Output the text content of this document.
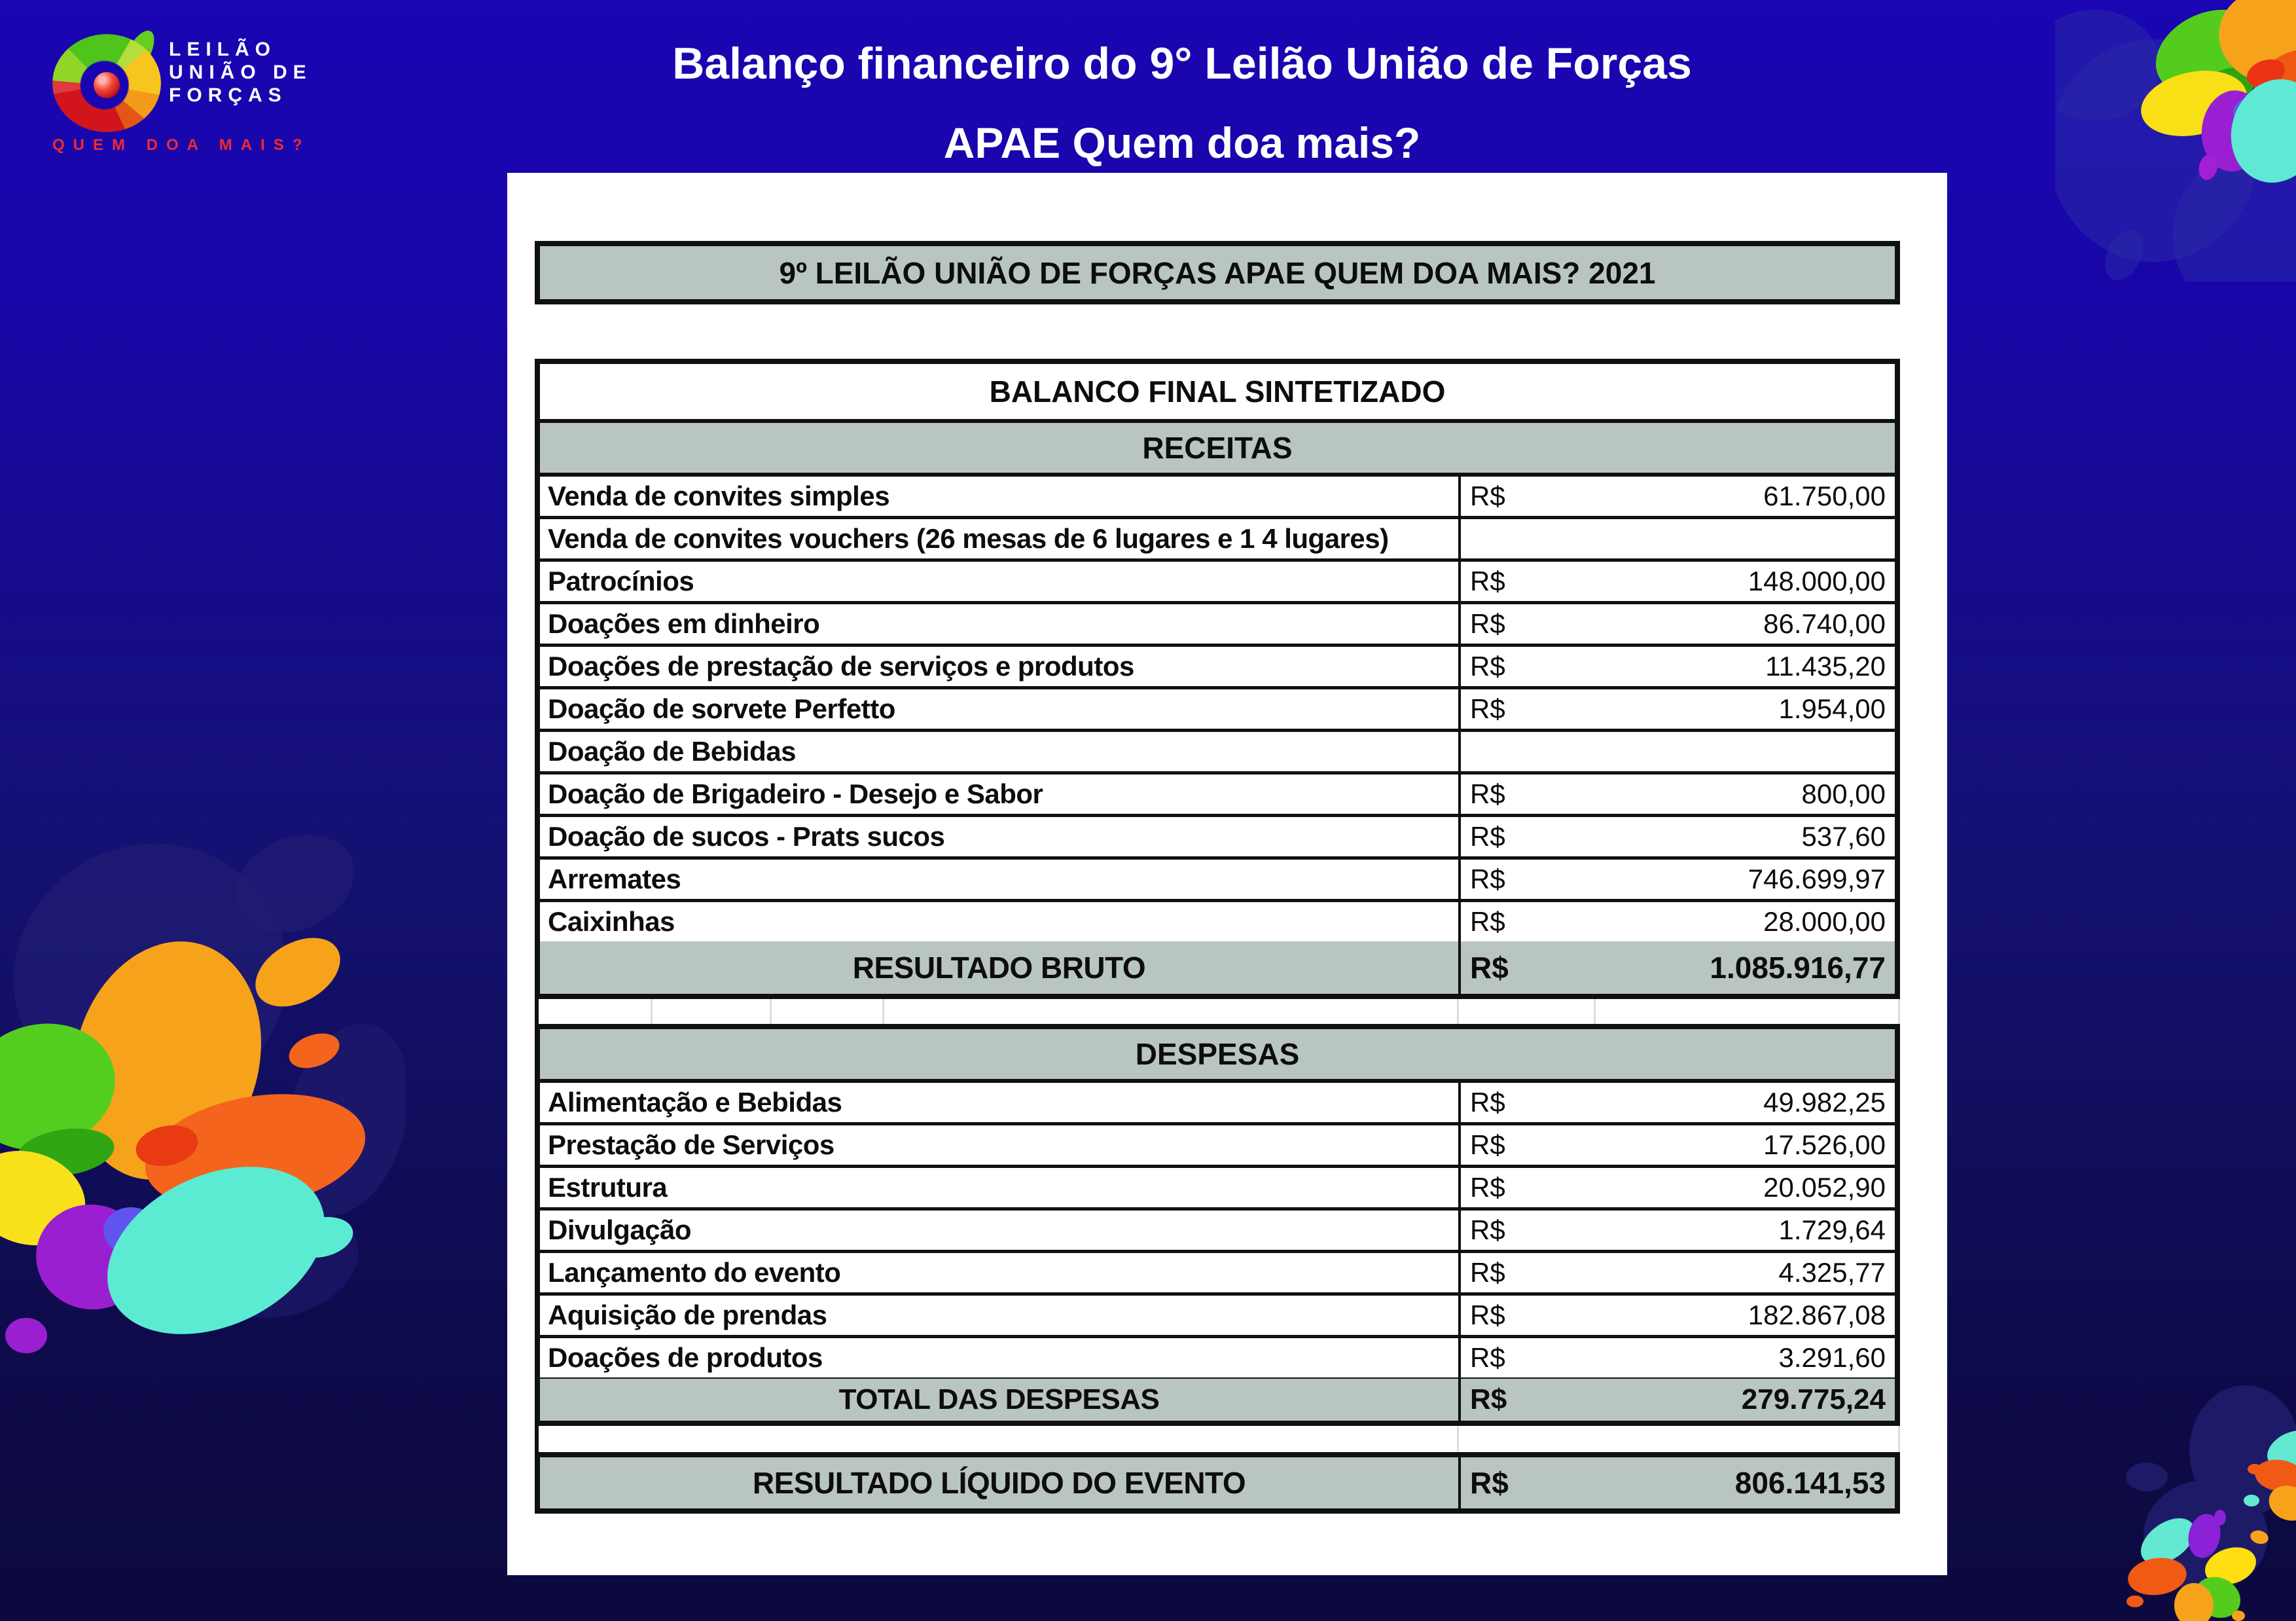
LEILÃO
UNIÃO DE
FORÇAS
QUEM DOA MAIS?
Balanço financeiro do 9° Leilão União de Forças
APAE Quem doa mais?
9º LEILÃO UNIÃO DE FORÇAS APAE QUEM DOA MAIS? 2021
BALANCO FINAL SINTETIZADO
RECEITAS
Venda de convites simples	R$	61.750,00
Venda de convites vouchers (26 mesas de 6 lugares e 1 4 lugares)
Patrocínios	R$	148.000,00
Doações em dinheiro	R$	86.740,00
Doações de prestação de serviços e produtos	R$	11.435,20
Doação de sorvete Perfetto	R$	1.954,00
Doação de Bebidas
Doação de Brigadeiro - Desejo e Sabor	R$	800,00
Doação de sucos - Prats sucos	R$	537,60
Arremates	R$	746.699,97
Caixinhas	R$	28.000,00
RESULTADO BRUTO	R$	1.085.916,77
DESPESAS
Alimentação e Bebidas	R$	49.982,25
Prestação de Serviços	R$	17.526,00
Estrutura	R$	20.052,90
Divulgação	R$	1.729,64
Lançamento do evento	R$	4.325,77
Aquisição de prendas	R$	182.867,08
Doações de produtos	R$	3.291,60
TOTAL DAS DESPESAS	R$	279.775,24
RESULTADO LÍQUIDO DO EVENTO	R$	806.141,53
